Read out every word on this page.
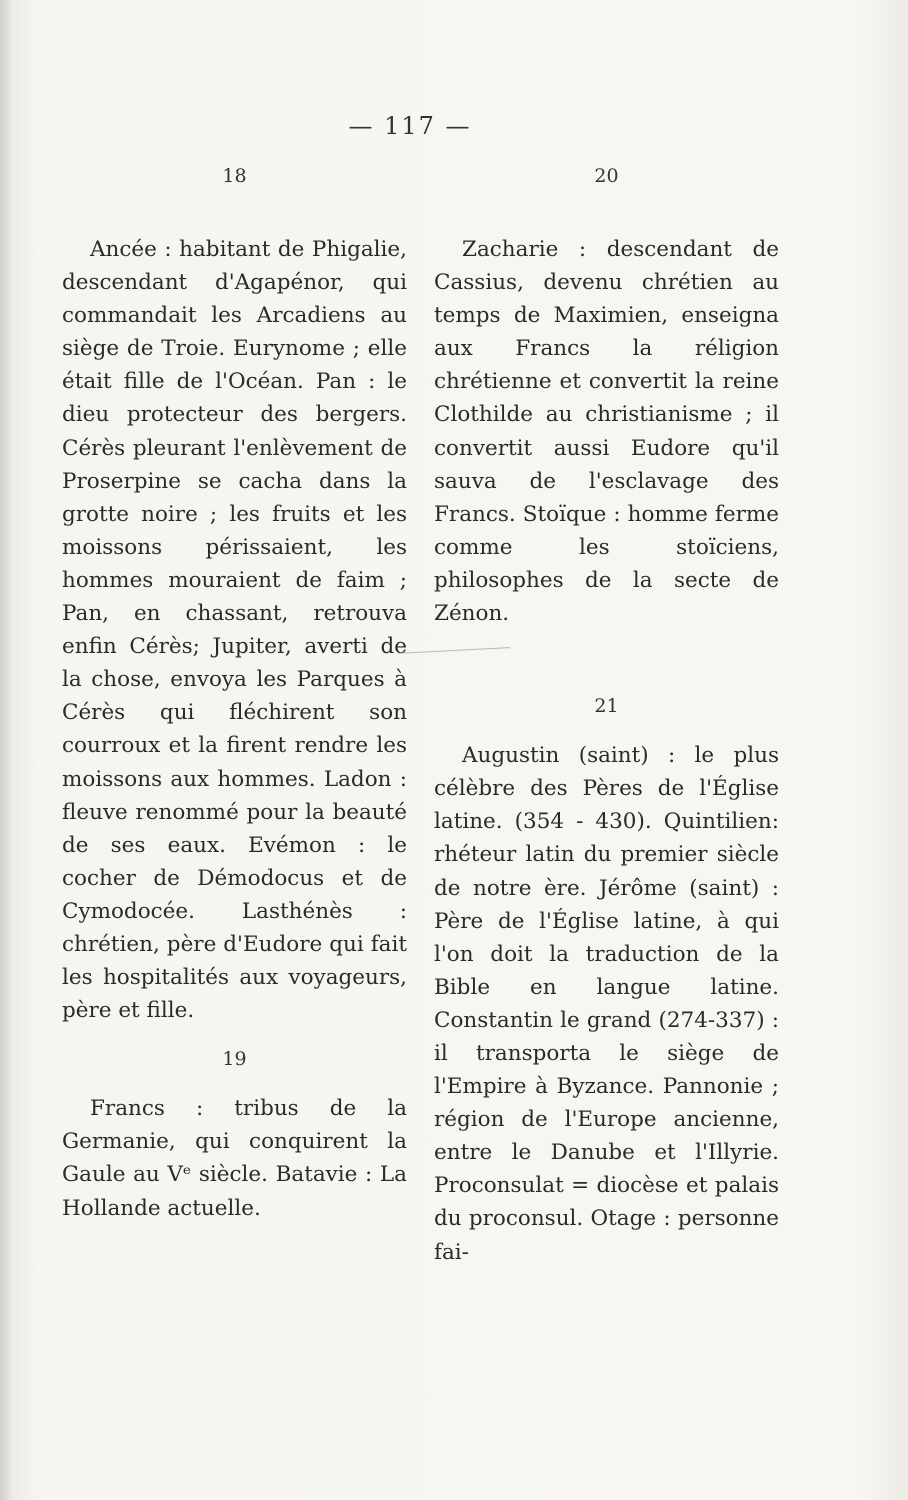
— 117 —

18

Ancée : habitant de Phigalie, descendant d'Agapénor, qui commandait les Arcadiens au siège de Troie. Eurynome ; elle était fille de l'Océan. Pan : le dieu protecteur des bergers. Cérès pleurant l'enlèvement de Proserpine se cacha dans la grotte noire ; les fruits et les moissons périssaient, les hommes mouraient de faim ; Pan, en chassant, retrouva enfin Cérès; Jupiter, averti de la chose, envoya les Parques à Cérès qui fléchirent son courroux et la firent rendre les moissons aux hommes. Ladon : fleuve renommé pour la beauté de ses eaux. Evémon : le cocher de Démodocus et de Cymodocée. Lasthénès : chrétien, père d'Eudore qui fait les hospitalités aux voyageurs, père et fille.

19

Francs : tribus de la Germanie, qui conquirent la Gaule au Vᵉ siècle. Batavie : La Hollande actuelle.

20

Zacharie : descendant de Cassius, devenu chrétien au temps de Maximien, enseigna aux Francs la réligion chrétienne et convertit la reine Clothilde au christianisme ; il convertit aussi Eudore qu'il sauva de l'esclavage des Francs. Stoïque : homme ferme comme les stoïciens, philosophes de la secte de Zénon.

21

Augustin (saint) : le plus célèbre des Pères de l'Église latine. (354 - 430). Quintilien: rhéteur latin du premier siècle de notre ère. Jérôme (saint) : Père de l'Église latine, à qui l'on doit la traduction de la Bible en langue latine. Constantin le grand (274-337) : il transporta le siège de l'Empire à Byzance. Pannonie ; région de l'Europe ancienne, entre le Danube et l'Illyrie. Proconsulat = diocèse et palais du proconsul. Otage : personne fai-
